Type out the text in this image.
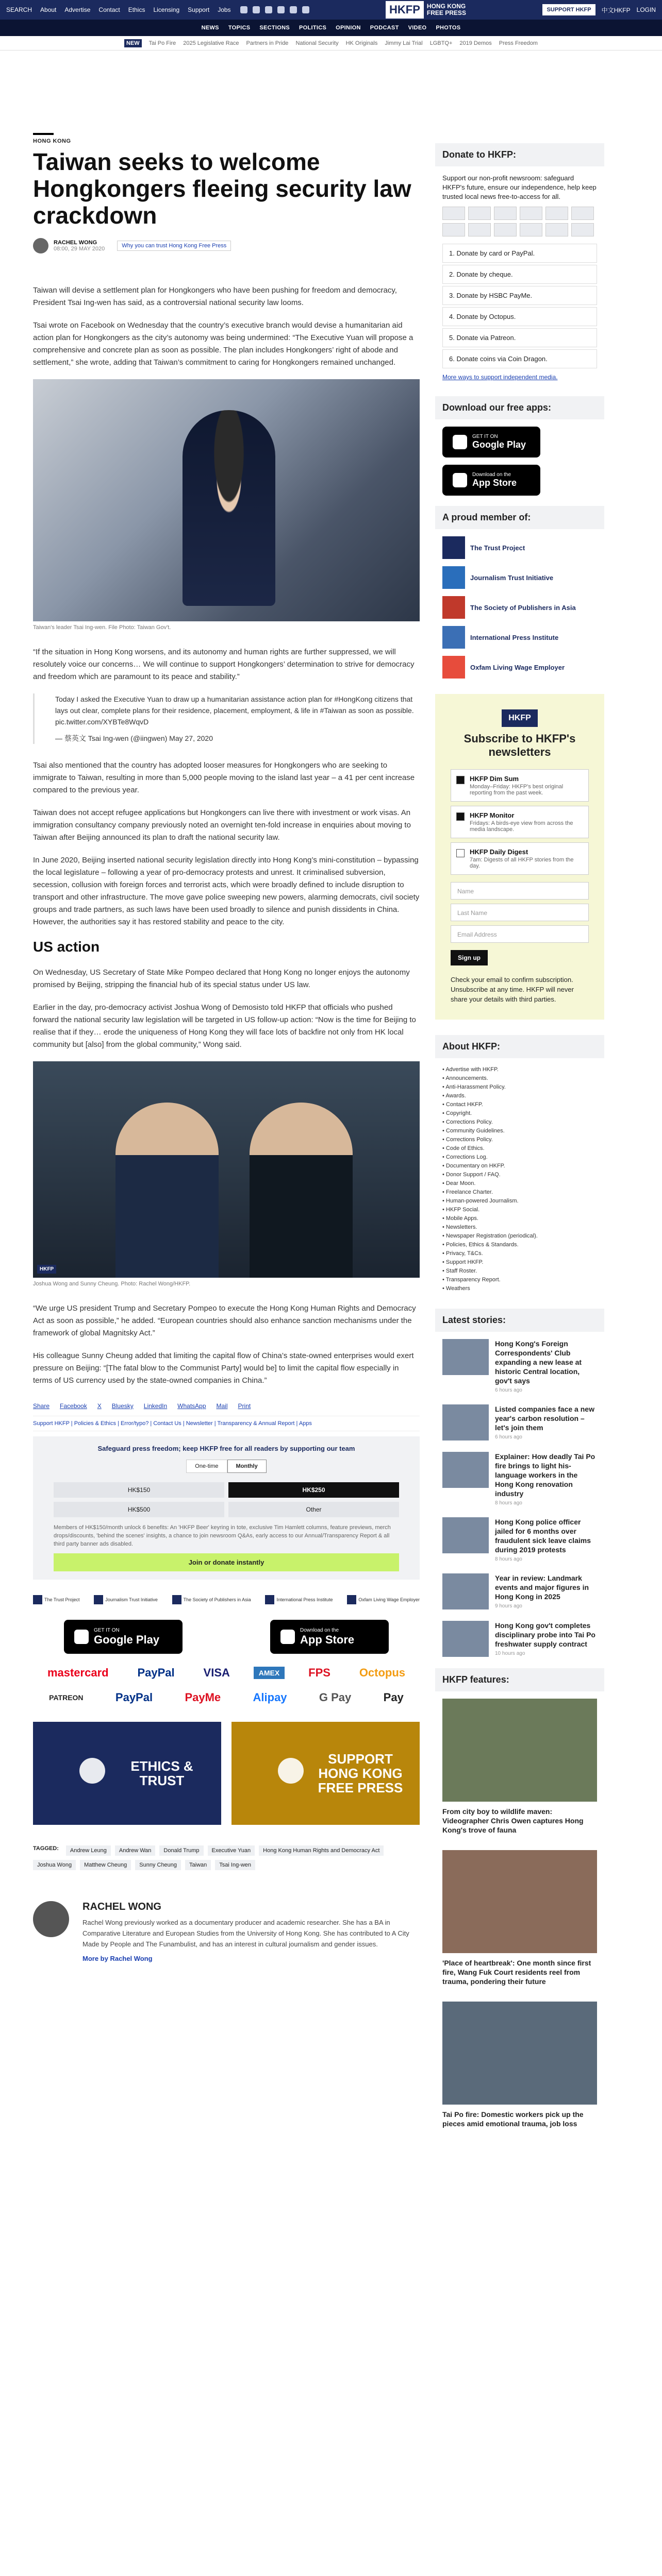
SEARCH About Advertise Contact Ethics Licensing Support Jobs	HKFP	HONG KONG
FREE PRESS	SUPPORT HKFP	中文HKFP LOGIN
NEWS TOPICS SECTIONS POLITICS OPINION PODCAST VIDEO PHOTOS
NEW	Tai Po Fire 2025 Legislative Race Partners in Pride National Security HK Originals Jimmy Lai Trial LGBTQ+ 2019 Demos Press Freedom
HONG KONG
Taiwan seeks to welcome Hongkongers fleeing security law crackdown
RACHEL WONG
08:00, 29 MAY 2020	Why you can trust Hong Kong Free Press

Taiwan will devise a settlement plan for Hongkongers who have been pushing for freedom and democracy, President Tsai Ing-wen has said, as a controversial national security law looms.

Tsai wrote on Facebook on Wednesday that the country’s executive branch would devise a humanitarian aid action plan for Hongkongers as the city’s autonomy was being undermined: “The Executive Yuan will propose a comprehensive and concrete plan as soon as possible. The plan includes Hongkongers’ right of abode and settlement,” she wrote, adding that Taiwan’s commitment to caring for Hongkongers remained unchanged.

Taiwan's leader Tsai Ing-wen. File Photo: Taiwan Gov't.

“If the situation in Hong Kong worsens, and its autonomy and human rights are further suppressed, we will resolutely voice our concerns… We will continue to support Hongkongers’ determination to strive for democracy and freedom which are paramount to its peace and stability.”

Today I asked the Executive Yuan to draw up a humanitarian assistance action plan for #HongKong citizens that lays out clear, complete plans for their residence, placement, employment, & life in #Taiwan as soon as possible. pic.twitter.com/XYBTe8WqvD
— 蔡英文 Tsai Ing-wen (@iingwen) May 27, 2020

Tsai also mentioned that the country has adopted looser measures for Hongkongers who are seeking to immigrate to Taiwan, resulting in more than 5,000 people moving to the island last year – a 41 per cent increase compared to the previous year.

Taiwan does not accept refugee applications but Hongkongers can live there with investment or work visas. An immigration consultancy company previously noted an overnight ten-fold increase in enquiries about moving to Taiwan after Beijing announced its plan to draft the national security law.

In June 2020, Beijing inserted national security legislation directly into Hong Kong’s mini-constitution – bypassing the local legislature – following a year of pro-democracy protests and unrest. It criminalised subversion, secession, collusion with foreign forces and terrorist acts, which were broadly defined to include disruption to transport and other infrastructure. The move gave police sweeping new powers, alarming democrats, civil society groups and trade partners, as such laws have been used broadly to silence and punish dissidents in China. However, the authorities say it has restored stability and peace to the city.

US action

On Wednesday, US Secretary of State Mike Pompeo declared that Hong Kong no longer enjoys the autonomy promised by Beijing, stripping the financial hub of its special status under US law.

Earlier in the day, pro-democracy activist Joshua Wong of Demosisto told HKFP that officials who pushed forward the national security law legislation will be targeted in US follow-up action: “Now is the time for Beijing to realise that if they… erode the uniqueness of Hong Kong they will face lots of backfire not only from HK local community but [also] from the global community,” Wong said.

HKFP
Joshua Wong and Sunny Cheung. Photo: Rachel Wong/HKFP.

“We urge US president Trump and Secretary Pompeo to execute the Hong Kong Human Rights and Democracy Act as soon as possible,” he added. “European countries should also enhance sanction mechanisms under the framework of global Magnitsky Act.”

His colleague Sunny Cheung added that limiting the capital flow of China’s state-owned enterprises would exert pressure on Beijing: “[The fatal blow to the Communist Party] would be] to limit the capital flow especially in terms of US currency used by the state-owned companies in China.”

Share Facebook X Bluesky LinkedIn WhatsApp Mail Print
Support HKFP | Policies & Ethics | Error/typo? | Contact Us | Newsletter | Transparency & Annual Report | Apps
Safeguard press freedom; keep HKFP free for all readers by supporting our team
One-time	Monthly
HK$150	HK$250
HK$500	Other
Members of HK$150/month unlock 6 benefits: An 'HKFP Beer' keyring in tote, exclusive Tim Hamlett columns, feature previews, merch drops/discounts, 'behind the scenes' insights, a chance to join newsroom Q&As, early access to our Annual/Transparency Report & all third party banner ads disabled.
Join or donate instantly
The Trust Project	Journalism Trust Initiative	The Society of Publishers in Asia	International Press Institute	Oxfam Living Wage Employer
GET IT ON
Google Play
Download on the
App Store
mastercard	PayPal	VISA	AMEX	FPS	Octopus
PATREON	PayPal	PayMe	Alipay	G Pay	Pay
ETHICS & TRUST
SUPPORT HONG KONG FREE PRESS
TAGGED:	Andrew Leung	Andrew Wan	Donald Trump	Executive Yuan	Hong Kong Human Rights and Democracy Act
Joshua Wong	Matthew Cheung	Sunny Cheung	Taiwan	Tsai Ing-wen
RACHEL WONG
Rachel Wong previously worked as a documentary producer and academic researcher. She has a BA in Comparative Literature and European Studies from the University of Hong Kong. She has contributed to A City Made by People and The Funambulist, and has an interest in cultural journalism and gender issues.
More by Rachel Wong
Donate to HKFP:
Support our non-profit newsroom: safeguard HKFP's future, ensure our independence, help keep trusted local news free-to-access for all.
1. Donate by card or PayPal.
2. Donate by cheque.
3. Donate by HSBC PayMe.
4. Donate by Octopus.
5. Donate via Patreon.
6. Donate coins via Coin Dragon.
More ways to support independent media.
Download our free apps:
GET IT ON
Google Play
Download on the
App Store
A proud member of:
The Trust Project
Journalism Trust Initiative
The Society of Publishers in Asia
International Press Institute
Oxfam Living Wage Employer
HKFP
Subscribe to HKFP's newsletters
HKFP Dim Sum
Monday–Friday: HKFP's best original reporting from the past week.
HKFP Monitor
Fridays: A birds-eye view from across the media landscape.
HKFP Daily Digest
7am: Digests of all HKFP stories from the day.
Name
Last Name
Email Address
Sign up
Check your email to confirm subscription. Unsubscribe at any time. HKFP will never share your details with third parties.
About HKFP:
• Advertise with HKFP.
• Announcements.
• Anti-Harassment Policy.
• Awards.
• Contact HKFP.
• Copyright.
• Corrections Policy.
• Community Guidelines.
• Corrections Policy.
• Code of Ethics.
• Corrections Log.
• Documentary on HKFP.
• Donor Support / FAQ.
• Dear Moon.
• Freelance Charter.
• Human-powered Journalism.
• HKFP Social.
• Mobile Apps.
• Newsletters.
• Newspaper Registration (periodical).
• Policies, Ethics & Standards.
• Privacy, T&Cs.
• Support HKFP.
• Staff Roster.
• Transparency Report.
• Weathers
Latest stories:
Hong Kong's Foreign Correspondents' Club expanding a new lease at historic Central location, gov't says
6 hours ago
Listed companies face a new year's carbon resolution – let's join them
6 hours ago
Explainer: How deadly Tai Po fire brings to light his-language workers in the Hong Kong renovation industry
8 hours ago
Hong Kong police officer jailed for 6 months over fraudulent sick leave claims during 2019 protests
8 hours ago
Year in review: Landmark events and major figures in Hong Kong in 2025
9 hours ago
Hong Kong gov't completes disciplinary probe into Tai Po freshwater supply contract
10 hours ago
HKFP features:
From city boy to wildlife maven: Videographer Chris Owen captures Hong Kong's trove of fauna
'Place of heartbreak': One month since first fire, Wang Fuk Court residents reel from trauma, pondering their future
Tai Po fire: Domestic workers pick up the pieces amid emotional trauma, job loss
